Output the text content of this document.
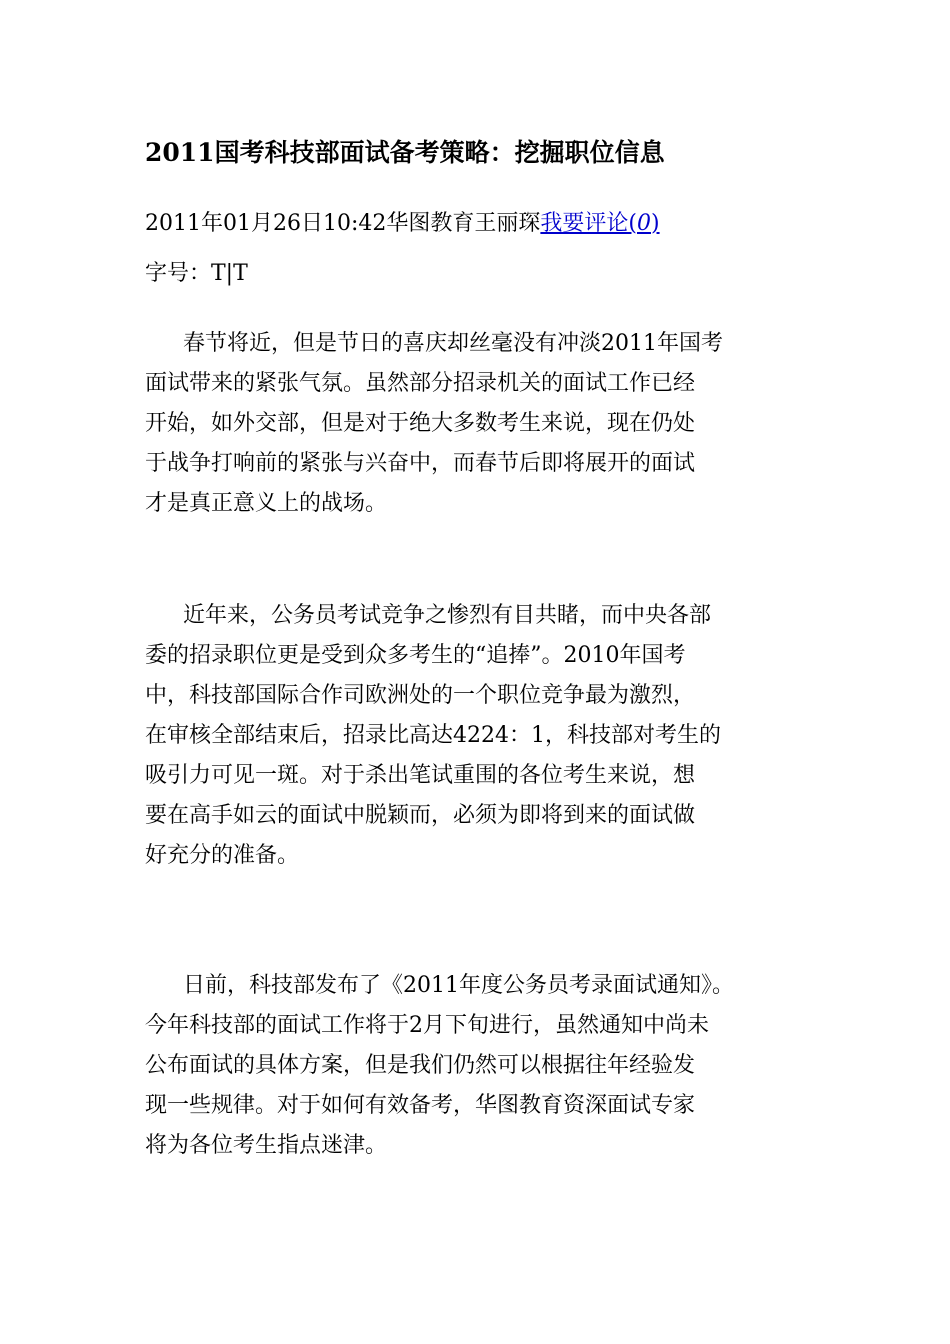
2011国考科技部面试备考策略：挖掘职位信息
2011年01月26日10:42华图教育王丽琛我要评论(0)
字号：T|T
春节将近，但是节日的喜庆却丝毫没有冲淡2011年国考
面试带来的紧张气氛。虽然部分招录机关的面试工作已经
开始，如外交部，但是对于绝大多数考生来说，现在仍处
于战争打响前的紧张与兴奋中，而春节后即将展开的面试
才是真正意义上的战场。
近年来，公务员考试竞争之惨烈有目共睹，而中央各部
委的招录职位更是受到众多考生的“追捧”。2010年国考
中，科技部国际合作司欧洲处的一个职位竞争最为激烈，
在审核全部结束后，招录比高达4224：1，科技部对考生的
吸引力可见一斑。对于杀出笔试重围的各位考生来说，想
要在高手如云的面试中脱颖而，必须为即将到来的面试做
好充分的准备。
日前，科技部发布了《2011年度公务员考录面试通知》。
今年科技部的面试工作将于2月下旬进行，虽然通知中尚未
公布面试的具体方案，但是我们仍然可以根据往年经验发
现一些规律。对于如何有效备考，华图教育资深面试专家
将为各位考生指点迷津。
